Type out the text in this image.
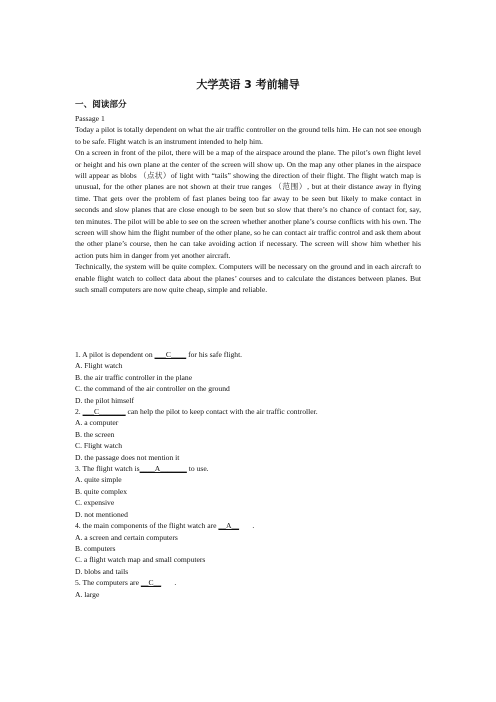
大学英语 3 考前辅导
一、阅读部分

Passage 1

Today a pilot is totally dependent on what the air traffic controller on the ground tells him. He can not see enough to be safe. Flight watch is an instrument intended to help him.

On a screen in front of the pilot, there will be a map of the airspace around the plane. The pilot’s own flight level or height and his own plane at the center of the screen will show up. On the map any other planes in the airspace will appear as blobs （点状）of light with “tails” showing the direction of their flight. The flight watch map is unusual, for the other planes are not shown at their true ranges （范围）, but at their distance away in flying time. That gets over the problem of fast planes being too far away to be seen but likely to make contact in seconds and slow planes that are close enough to be seen but so slow that there’s no chance of contact for, say, ten minutes. The pilot will be able to see on the screen whether another plane’s course conflicts with his own. The screen will show him the flight number of the other plane, so he can contact air traffic control and ask them about the other plane’s course, then he can take avoiding action if necessary. The screen will show him whether his action puts him in danger from yet another aircraft.

Technically, the system will be quite complex. Computers will be necessary on the ground and in each aircraft to enable flight watch to collect data about the planes’ courses and to calculate the distances between planes. But such small computers are now quite cheap, simple and reliable.

1. A pilot is dependent on ___C____ for his safe flight.

A. Flight watch

B. the air traffic controller in the plane

C. the command of the air controller on the ground

D. the pilot himself

2. ___C_______ can help the pilot to keep contact with the air traffic controller.

A. a computer

B. the screen

C. Flight watch

D. the passage does not mention it

3. The flight watch is____A_______ to use.

A. quite simple

B. quite complex

C. expensive

D. not mentioned

4. the main components of the flight watch are __A__       .

A. a screen and certain computers

B. computers

C. a flight watch map and small computers

D. blobs and tails

5. The computers are __C__       .

A. large
